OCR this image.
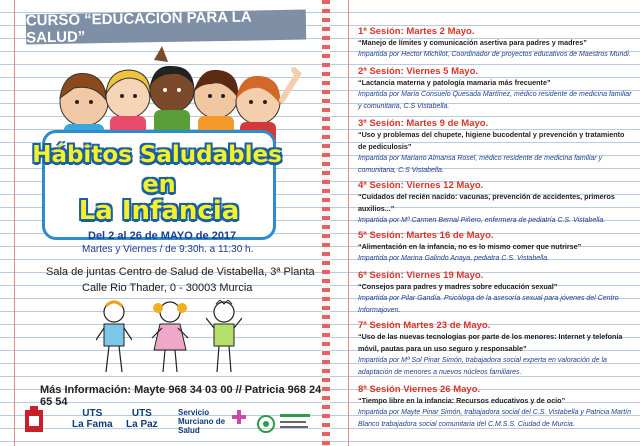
CURSO “EDUCACIÓN PARA LA SALUD”
Hábitos Saludables
en
La Infancia
Del 2 al 26 de MAYO de 2017
Martes y Viernes / de 9:30h. a 11:30 h.
Sala de juntas Centro de Salud de Vistabella, 3ª Planta
Calle Rio Thader, 0 - 30003 Murcia
Más Información: Mayte 968 34 03 00 // Patricia 968 24 65 54
UTS
La Fama
UTS
La Paz
Servicio Murciano de Salud
1ª Sesión: Martes 2 Mayo.
“Manejo de límites y comunicación asertiva para padres y madres”
Impartida por Hector Michilot, Coordinador de proyectos educativos de Maestros Mundi.
2ª Sesión: Viernes 5 Mayo.
“Lactancia materna y patología mamaria más frecuente”
Impartida por María Consuelo Quesada Martínez, médico residente de medicina familiar y comunitaria, C.S Vistabella.
3ª Sesión: Martes 9 de Mayo.
“Uso y problemas del chupete, higiene bucodental y prevención y tratamiento de pediculosis”
Impartida por Mariano Almansa Rosel, médico residente de medicina familiar y comunitaria, C.S Vistabella.
4ª Sesión: Viernes 12 Mayo.
“Cuidados del recién nacido: vacunas, prevención de accidentes, primeros auxilios...”
Impartida por Mª Carmen Bernal Piñero, enfermera de pediatría C.S. Vistabella.
5ª Sesión: Martes 16 de Mayo.
“Alimentación en la infancia, no es lo mismo comer que nutrirse”
Impartida por Marina Galindo Anaya, pediatra C.S. Vistabella.
6ª Sesión: Viernes 19 Mayo.
“Consejos para padres y madres sobre educación sexual”
Impartida por Pilar Gandía. Psicóloga de la asesoría sexual para jóvenes del Centro Informajoven.
7ª Sesión Martes 23 de Mayo.
“Uso de las nuevas tecnologías por parte de los menores: Internet y telefonía móvil, pautas para un uso seguro y responsable”
Impartida por Mª Sol Pinar Simón, trabajadora social experta en valoración de la adaptación de menores a nuevos núcleos familiares.
8ª Sesión Viernes 26 Mayo.
“Tiempo libre en la infancia: Recursos educativos y de ocio”
Impartida por Mayte Pinar Simón, trabajadora social del C.S. Vistabella y Patricia Martín Blanco trabajadora social comunitaria del C.M.S.S. Ciudad de Murcia.
